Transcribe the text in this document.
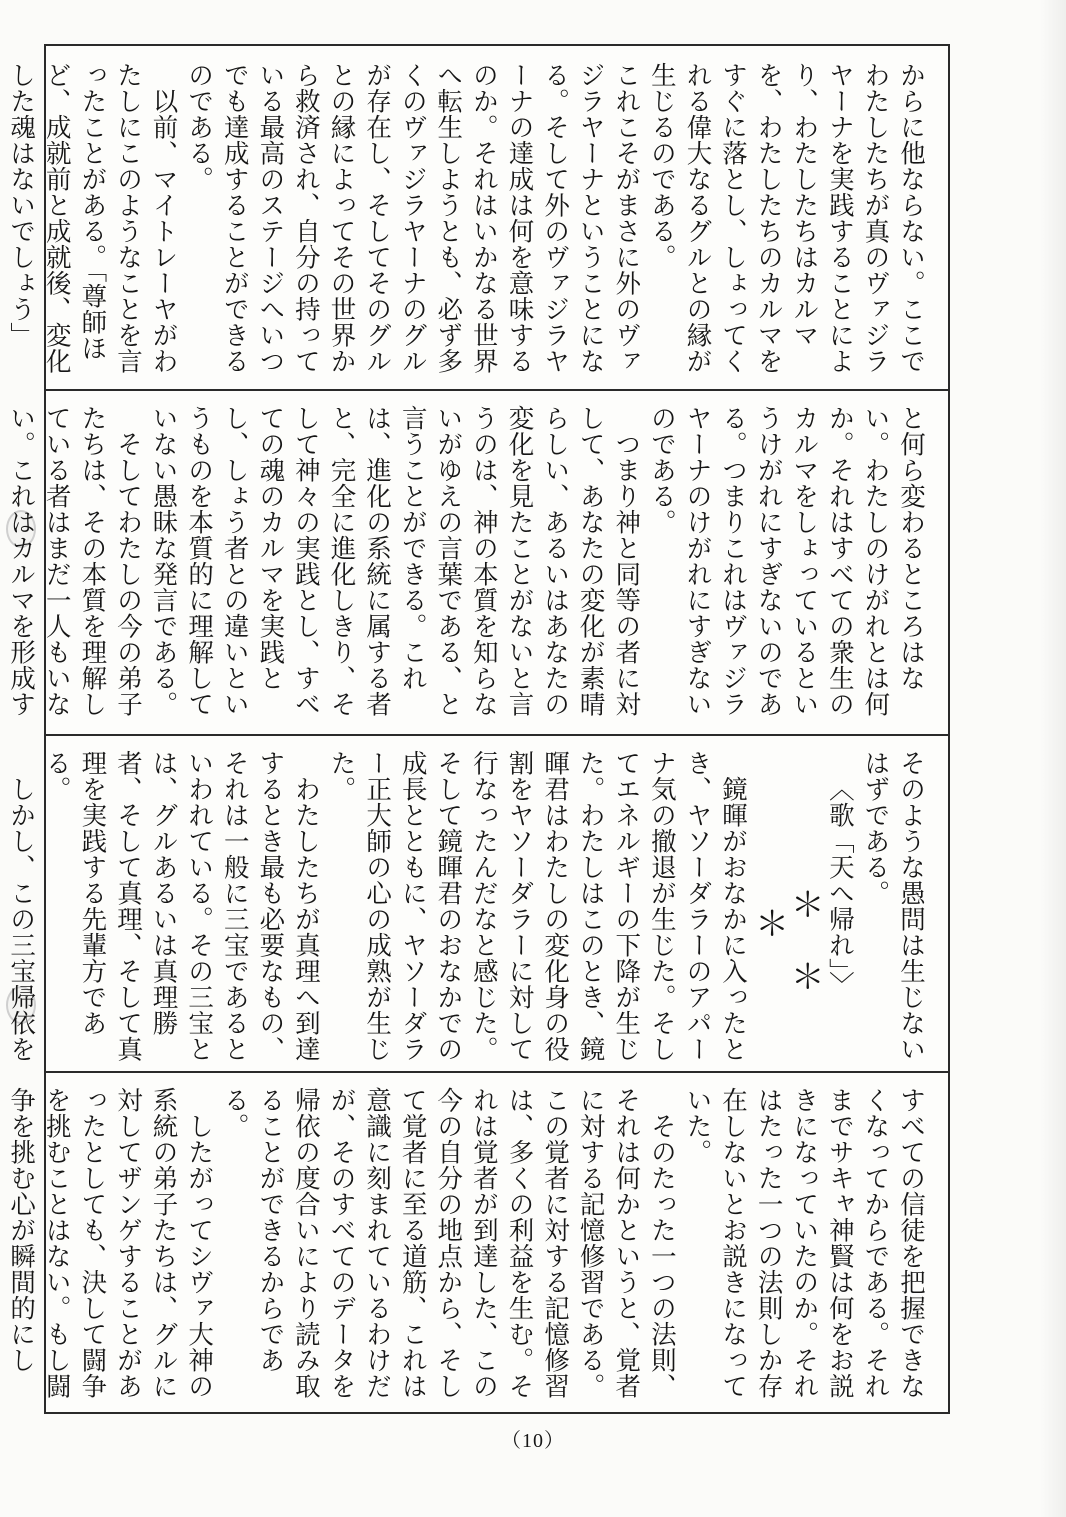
からに他ならない。ここでわたしたちが真のヴァジラヤーナを実践することにより、わたしたちはカルマを、わたしたちのカルマをすぐに落とし、しょってくれる偉大なるグルとの縁が生じるのである。

これこそがまさに外のヴァジラヤーナということになる。そして外のヴァジラヤーナの達成は何を意味するのか。それはいかなる世界へ転生しようとも、必ず多くのヴァジラヤーナのグルが存在し、そしてそのグルとの縁によってその世界から救済され、自分の持っている最高のステージへいつでも達成することができるのである。

以前、マイトレーヤがわたしにこのようなことを言ったことがある。「尊師ほど、成就前と成就後、変化した魂はないでしょう」

と何ら変わるところはない。わたしのけがれとは何か。それはすべての衆生のカルマをしょっているというけがれにすぎないのである。つまりこれはヴァジラヤーナのけがれにすぎないのである。

つまり神と同等の者に対して、あなたの変化が素晴らしい、あるいはあなたの変化を見たことがないと言うのは、神の本質を知らないがゆえの言葉である、と言うことができる。これは、進化の系統に属する者と、完全に進化しきり、そして神々の実践とし、すべての魂のカルマを実践とし、しょう者との違いというものを本質的に理解していない愚昧な発言である。

そしてわたしの今の弟子たちは、その本質を理解している者はまだ一人もいない。これはカルマを形成す

そのような愚問は生じないはずである。

〈歌「天へ帰れ」〉

＊＊＊

鏡暉がおなかに入ったとき、ヤソーダラーのアパーナ気の撤退が生じた。そしてエネルギーの下降が生じた。わたしはこのとき、鏡暉君はわたしの変化身の役割をヤソーダラーに対して行なったんだなと感じた。そして鏡暉君のおなかでの成長とともに、ヤソーダラー正大師の心の成熟が生じた。

わたしたちが真理へ到達するとき最も必要なもの、それは一般に三宝であるといわれている。その三宝とは、グルあるいは真理勝者、そして真理、そして真理を実践する先輩方である。

しかし、この三宝帰依を

すべての信徒を把握できなくなってからである。それまでサキャ神賢は何をお説きになっていたのか。それはたった一つの法則しか存在しないとお説きになっていた。

そのたった一つの法則、それは何かというと、覚者に対する記憶修習である。この覚者に対する記憶修習は、多くの利益を生む。それは覚者が到達した、この今の自分の地点から、そして覚者に至る道筋、これは意識に刻まれているわけだが、そのすべてのデータを帰依の度合いにより読み取ることができるからである。

したがってシヴァ大神の系統の弟子たちは、グルに対してザンゲすることがあったとしても、決して闘争を挑むことはない。もし闘争を挑む心が瞬間的にし

（10）
